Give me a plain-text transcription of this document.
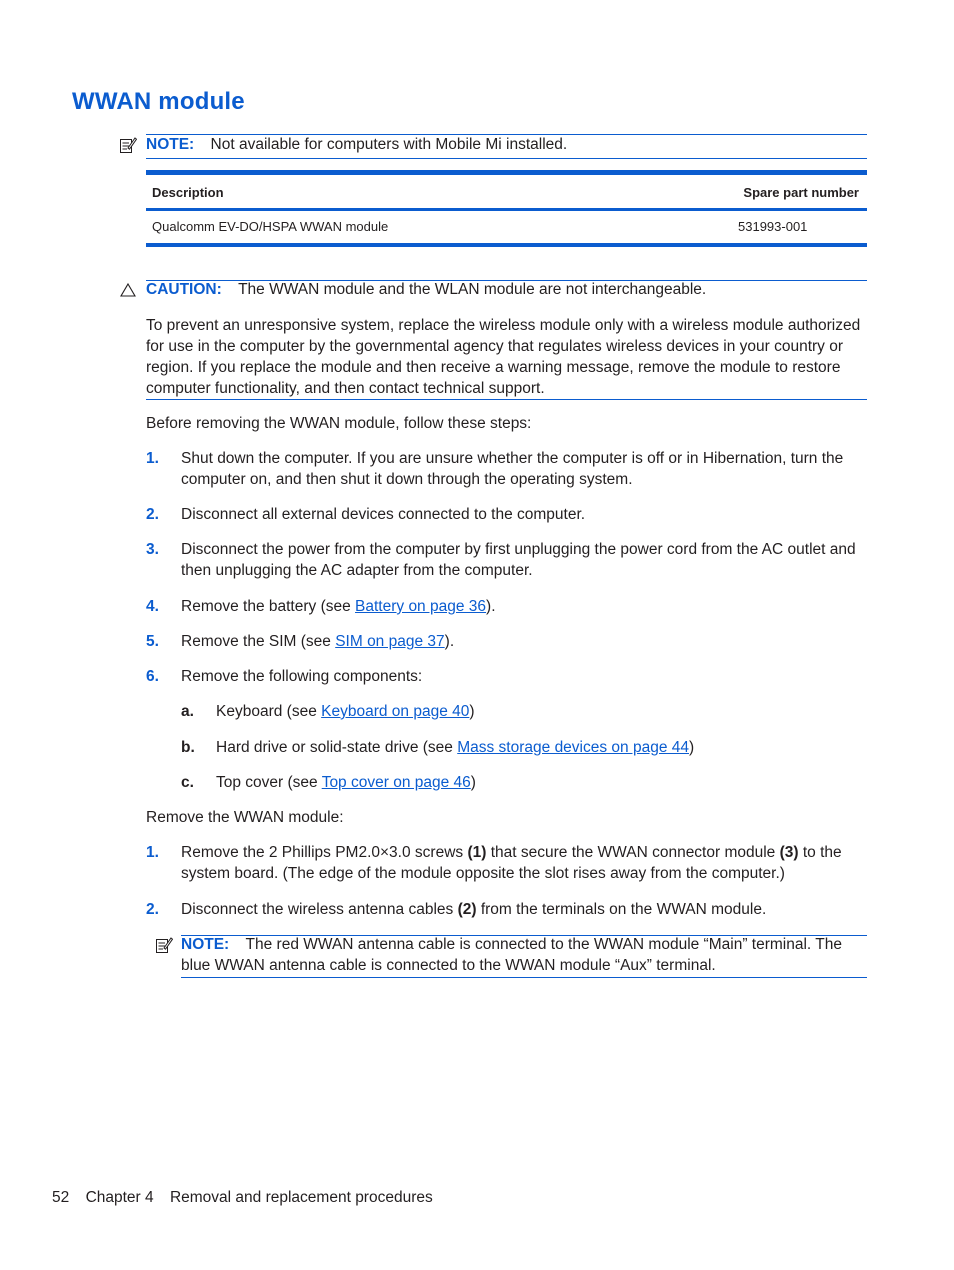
WWAN module
NOTE: Not available for computers with Mobile Mi installed.
Description	Spare part number
Qualcomm EV-DO/HSPA WWAN module	531993-001
CAUTION: The WWAN module and the WLAN module are not interchangeable.
To prevent an unresponsive system, replace the wireless module only with a wireless module authorized for use in the computer by the governmental agency that regulates wireless devices in your country or region. If you replace the module and then receive a warning message, remove the module to restore computer functionality, and then contact technical support.
Before removing the WWAN module, follow these steps:
1. Shut down the computer. If you are unsure whether the computer is off or in Hibernation, turn the computer on, and then shut it down through the operating system.
2. Disconnect all external devices connected to the computer.
3. Disconnect the power from the computer by first unplugging the power cord from the AC outlet and then unplugging the AC adapter from the computer.
4. Remove the battery (see Battery on page 36).
5. Remove the SIM (see SIM on page 37).
6. Remove the following components:
a. Keyboard (see Keyboard on page 40)
b. Hard drive or solid-state drive (see Mass storage devices on page 44)
c. Top cover (see Top cover on page 46)
Remove the WWAN module:
1. Remove the 2 Phillips PM2.0×3.0 screws (1) that secure the WWAN connector module (3) to the system board. (The edge of the module opposite the slot rises away from the computer.)
2. Disconnect the wireless antenna cables (2) from the terminals on the WWAN module.
NOTE: The red WWAN antenna cable is connected to the WWAN module “Main” terminal. The blue WWAN antenna cable is connected to the WWAN module “Aux” terminal.
52 Chapter 4 Removal and replacement procedures
